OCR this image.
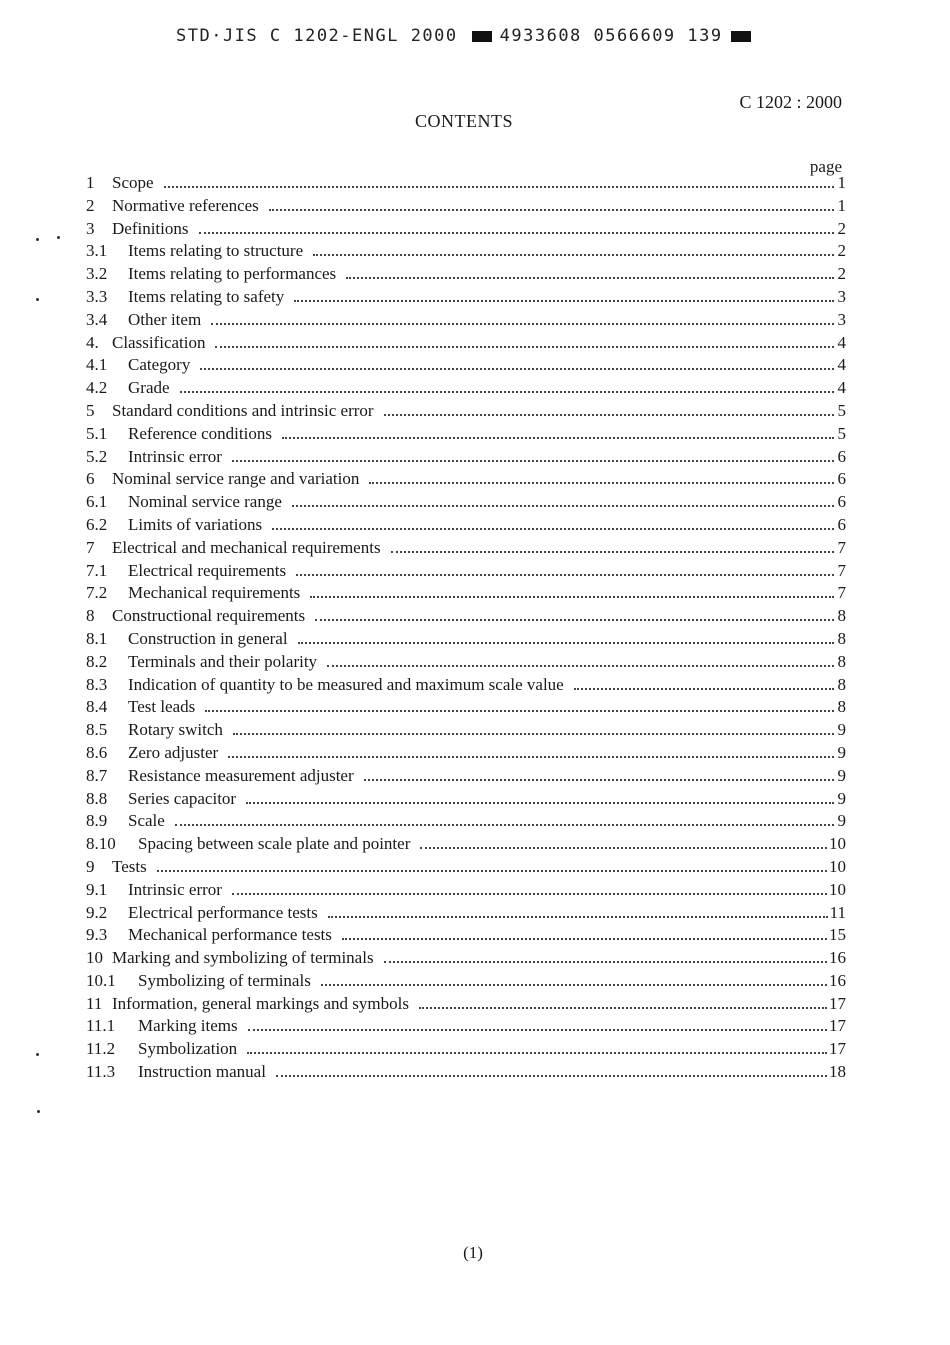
STD·JIS C 1202-ENGL 2000 4933608 0566609 139
C 1202 : 2000
CONTENTS
page
1	Scope	1
2	Normative references	1
3	Definitions	2
3.1	Items relating to structure	2
3.2	Items relating to performances	2
3.3	Items relating to safety	3
3.4	Other item	3
4. Classification	4
4.1	Category	4
4.2	Grade	4
5	Standard conditions and intrinsic error	5
5.1	Reference conditions	5
5.2	Intrinsic error	6
6	Nominal service range and variation	6
6.1	Nominal service range	6
6.2	Limits of variations	6
7	Electrical and mechanical requirements	7
7.1	Electrical requirements	7
7.2	Mechanical requirements	7
8	Constructional requirements	8
8.1	Construction in general	8
8.2	Terminals and their polarity	8
8.3	Indication of quantity to be measured and maximum scale value	8
8.4	Test leads	8
8.5	Rotary switch	9
8.6	Zero adjuster	9
8.7	Resistance measurement adjuster	9
8.8	Series capacitor	9
8.9	Scale	9
8.10	Spacing between scale plate and pointer	10
9	Tests	10
9.1	Intrinsic error	10
9.2	Electrical performance tests	11
9.3	Mechanical performance tests	15
10 Marking and symbolizing of terminals	16
10.1	Symbolizing of terminals	16
11 Information, general markings and symbols	17
11.1	Marking items	17
11.2	Symbolization	17
11.3	Instruction manual	18
(1)
